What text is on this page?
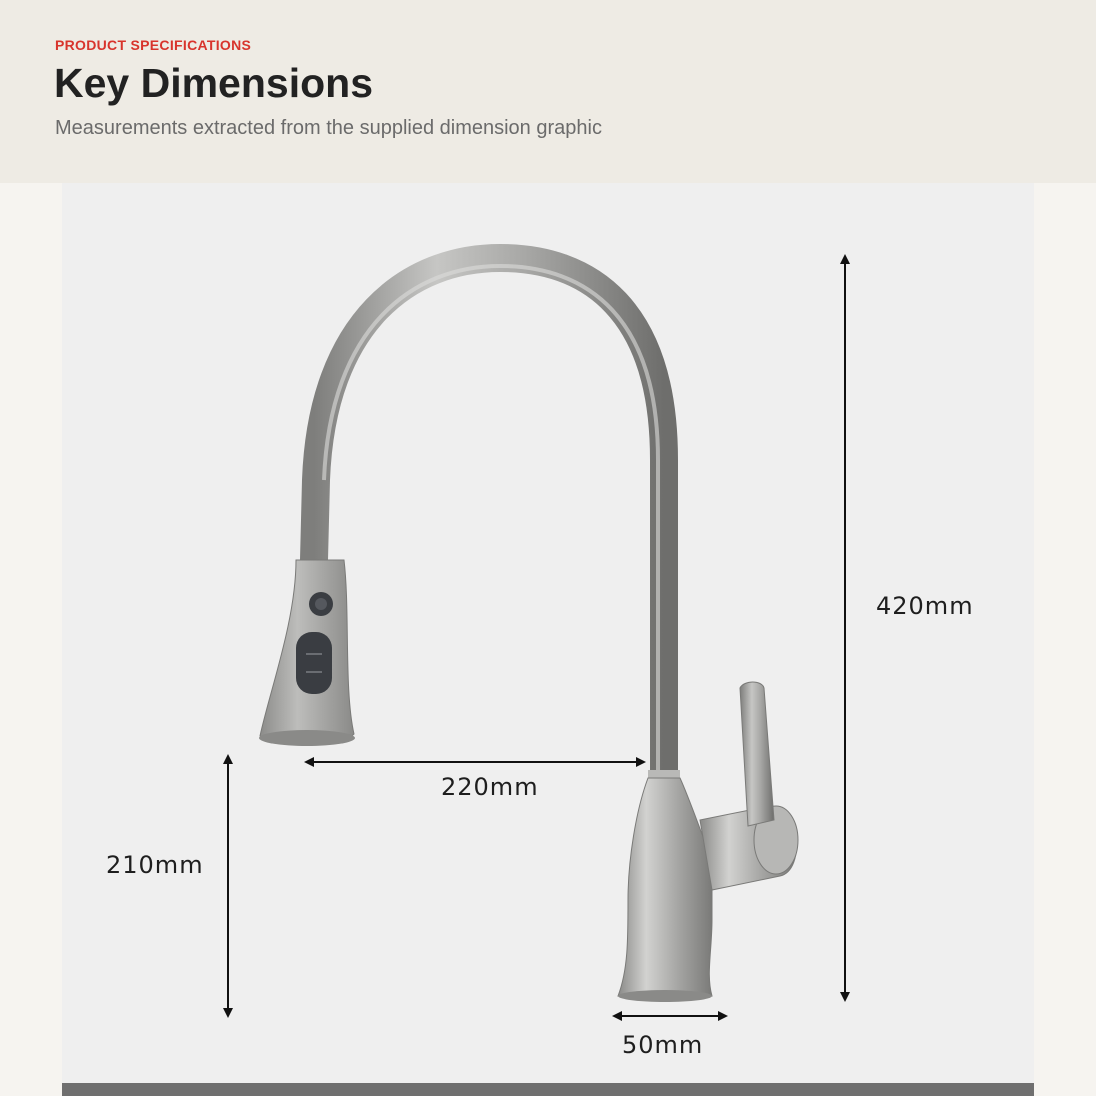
PRODUCT SPECIFICATIONS
Key Dimensions
Measurements extracted from the supplied dimension graphic
420mm
220mm
210mm
50mm
